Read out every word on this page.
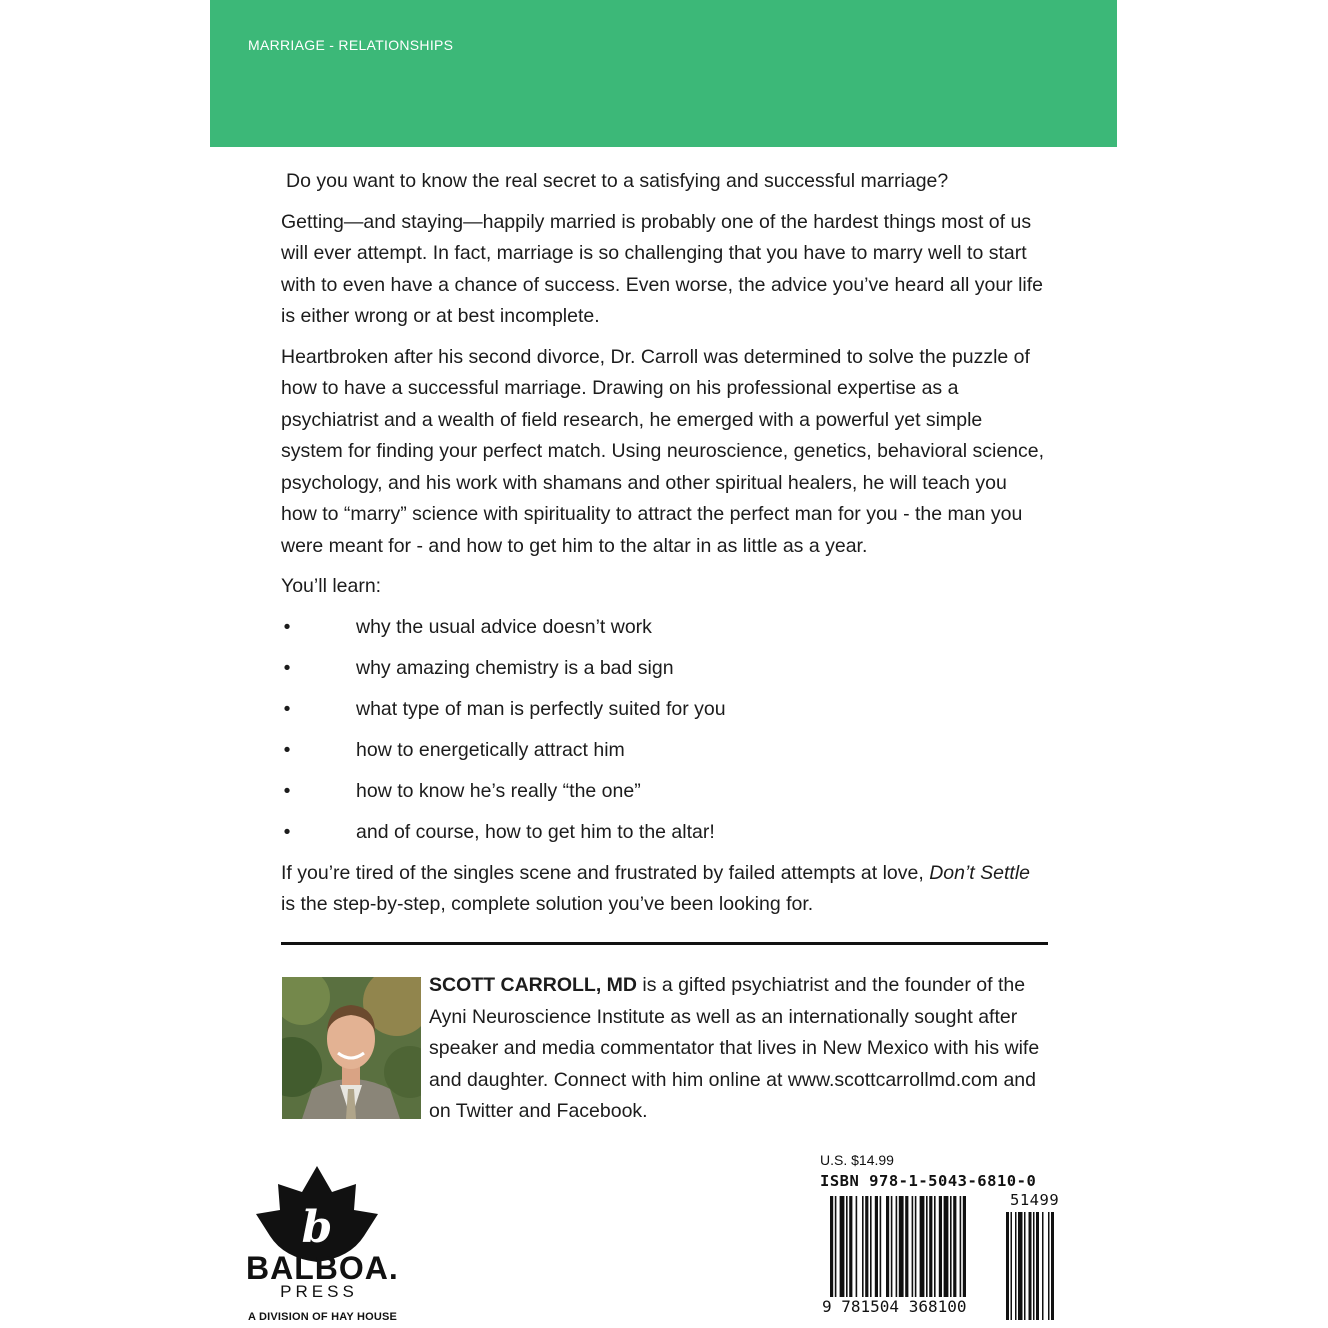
MARRIAGE - RELATIONSHIPS

Do you want to know the real secret to a satisfying and successful marriage?

Getting—and staying—happily married is probably one of the hardest things most of us will ever attempt. In fact, marriage is so challenging that you have to marry well to start with to even have a chance of success. Even worse, the advice you’ve heard all your life is either wrong or at best incomplete.

Heartbroken after his second divorce, Dr. Carroll was determined to solve the puzzle of how to have a successful marriage. Drawing on his professional expertise as a psychiatrist and a wealth of field research, he emerged with a powerful yet simple system for finding your perfect match. Using neuroscience, genetics, behavioral science, psychology, and his work with shamans and other spiritual healers, he will teach you how to “marry” science with spirituality to attract the perfect man for you - the man you were meant for - and how to get him to the altar in as little as a year.

You’ll learn:

•	why the usual advice doesn’t work
•	why amazing chemistry is a bad sign
•	what type of man is perfectly suited for you
•	how to energetically attract him
•	how to know he’s really “the one”
•	and of course, how to get him to the altar!

If you’re tired of the singles scene and frustrated by failed attempts at love, Don’t Settle is the step-by-step, complete solution you’ve been looking for.

SCOTT CARROLL, MD is a gifted psychiatrist and the founder of the Ayni Neuroscience Institute as well as an internationally sought after speaker and media commentator that lives in New Mexico with his wife and daughter. Connect with him online at www.scottcarrollmd.com and on Twitter and Facebook.

b
BALBOA.
PRESS
A DIVISION OF HAY HOUSE
U.S. $14.99
ISBN 978-1-5043-6810-0
51499
9 781504 368100
